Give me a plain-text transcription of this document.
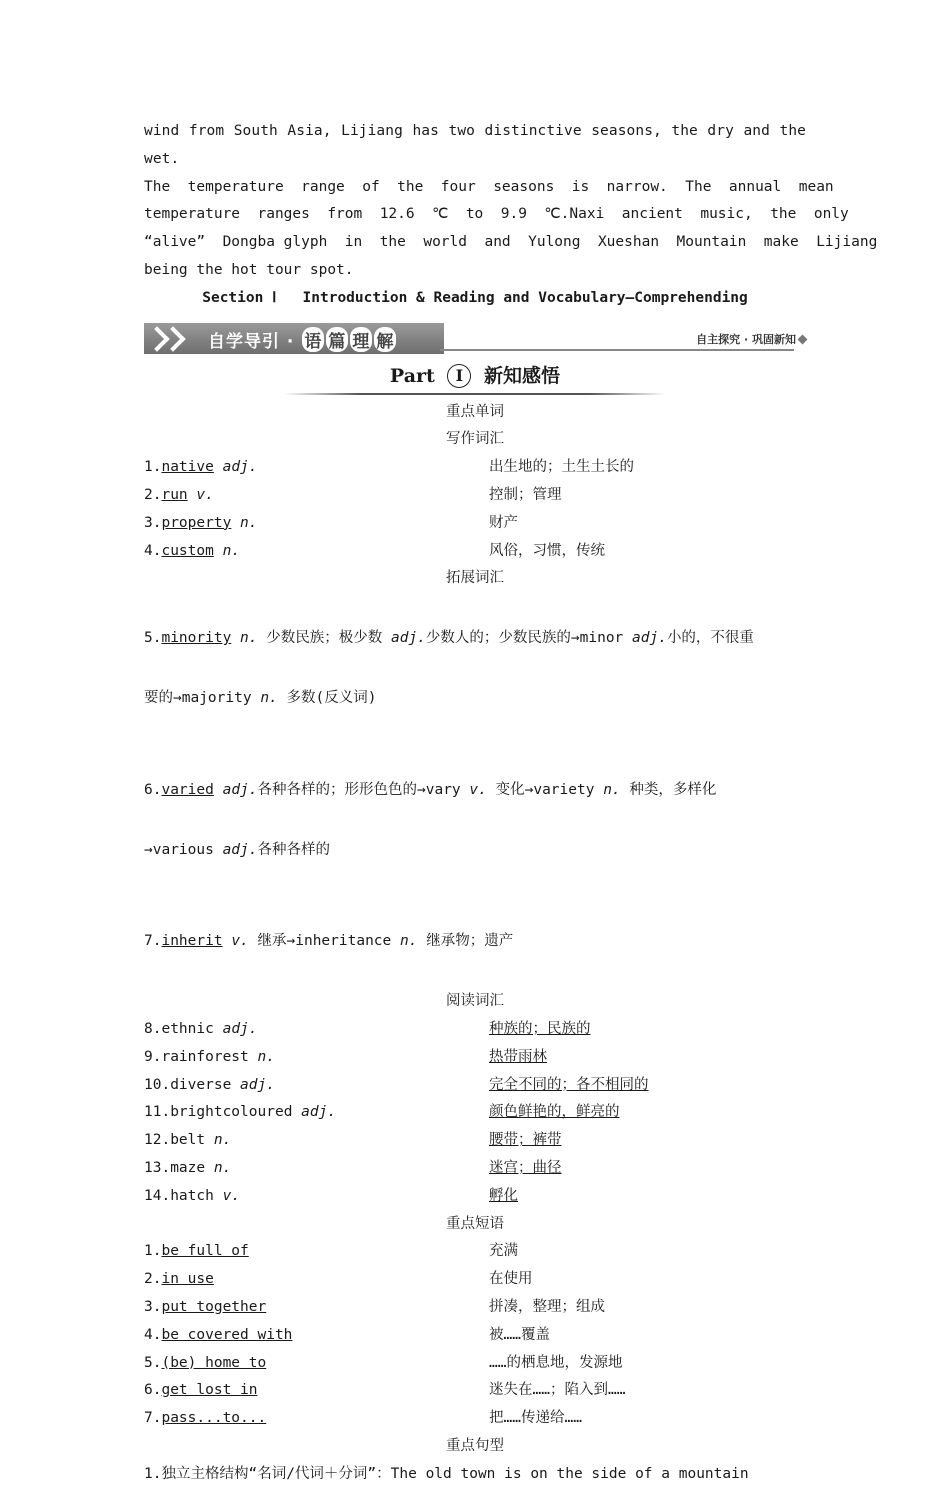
wind from South Asia, Lijiang has two distinctive seasons, the dry and the wet.

The  temperature  range  of  the  four  seasons  is  narrow.  The  annual  mean

temperature  ranges  from  12.6  ℃  to  9.9  ℃.Naxi  ancient  music,  the  only

“alive”  Dongba glyph  in  the  world  and  Yulong  Xueshan  Mountain  make  Lijiang

being the hot tour spot.

Section Ⅰ   Introduction & Reading and Vocabulary—Comprehending

自学导引 · 语 篇 理 解	自主探究 · 巩固新知
Part Ⅰ 新知感悟

重点单词

写作词汇

1.native adj.	出生地的；土生土长的
2.run v.	控制；管理
3.property n.	财产
4.custom n.	风俗，习惯，传统

拓展词汇

5.minority n. 少数民族；极少数 adj.少数人的；少数民族的→minor adj.小的，不很重

要的→majority n. 多数(反义词)

6.varied adj.各种各样的；形形色色的→vary v. 变化→variety n. 种类，多样化

→various adj.各种各样的

7.inherit v. 继承→inheritance n. 继承物；遗产

阅读词汇

8.ethnic adj.	种族的；民族的
9.rainforest n.	热带雨林
10.diverse adj.	完全不同的；各不相同的
11.brightcoloured adj.	颜色鲜艳的，鲜亮的
12.belt n.	腰带；裤带
13.maze n.	迷宫；曲径
14.hatch v.	孵化

重点短语

1.be full of	充满
2.in use	在使用
3.put together	拼凑，整理；组成
4.be covered with	被……覆盖
5.(be) home to	……的栖息地，发源地
6.get lost in	迷失在……；陷入到……
7.pass...to...	把……传递给……

重点句型

1.独立主格结构“名词/代词＋分词”：The old town is on the side of a mountain
